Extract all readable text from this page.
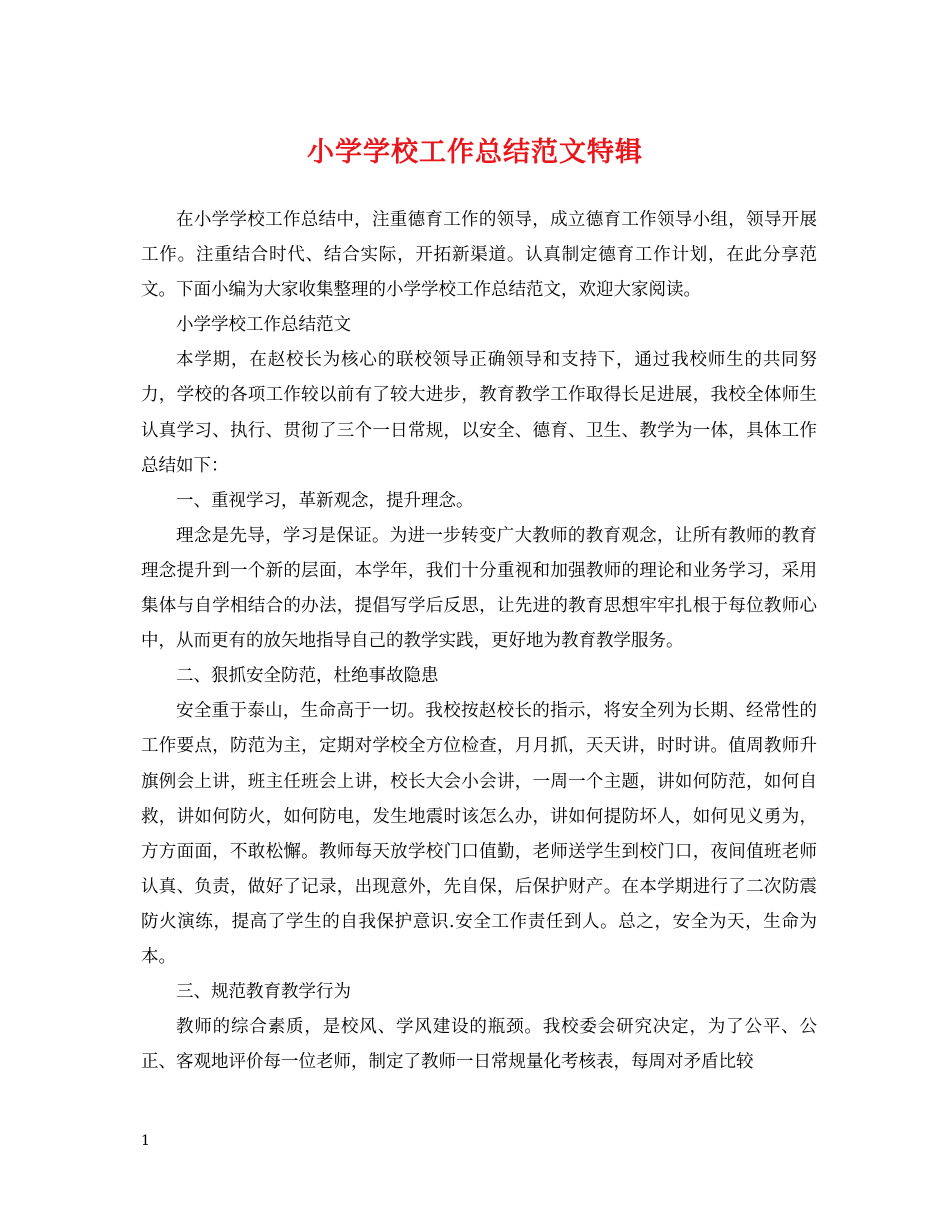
小学学校工作总结范文特辑

在小学学校工作总结中，注重德育工作的领导，成立德育工作领导小组，领导开展工作。注重结合时代、结合实际，开拓新渠道。认真制定德育工作计划，在此分享范文。下面小编为大家收集整理的小学学校工作总结范文，欢迎大家阅读。

小学学校工作总结范文

本学期，在赵校长为核心的联校领导正确领导和支持下，通过我校师生的共同努力，学校的各项工作较以前有了较大进步，教育教学工作取得长足进展，我校全体师生认真学习、执行、贯彻了三个一日常规，以安全、德育、卫生、教学为一体，具体工作总结如下：

一、重视学习，革新观念，提升理念。

理念是先导，学习是保证。为进一步转变广大教师的教育观念，让所有教师的教育理念提升到一个新的层面，本学年，我们十分重视和加强教师的理论和业务学习，采用集体与自学相结合的办法，提倡写学后反思，让先进的教育思想牢牢扎根于每位教师心中，从而更有的放矢地指导自己的教学实践，更好地为教育教学服务。

二、狠抓安全防范，杜绝事故隐患

安全重于泰山，生命高于一切。我校按赵校长的指示，将安全列为长期、经常性的工作要点，防范为主，定期对学校全方位检查，月月抓，天天讲，时时讲。值周教师升旗例会上讲，班主任班会上讲，校长大会小会讲，一周一个主题，讲如何防范，如何自救，讲如何防火，如何防电，发生地震时该怎么办，讲如何提防坏人，如何见义勇为，方方面面，不敢松懈。教师每天放学校门口值勤，老师送学生到校门口，夜间值班老师认真、负责，做好了记录，出现意外，先自保，后保护财产。在本学期进行了二次防震防火演练，提高了学生的自我保护意识.安全工作责任到人。总之，安全为天，生命为本。

三、规范教育教学行为

教师的综合素质，是校风、学风建设的瓶颈。我校委会研究决定，为了公平、公正、客观地评价每一位老师，制定了教师一日常规量化考核表，每周对矛盾比较

1
